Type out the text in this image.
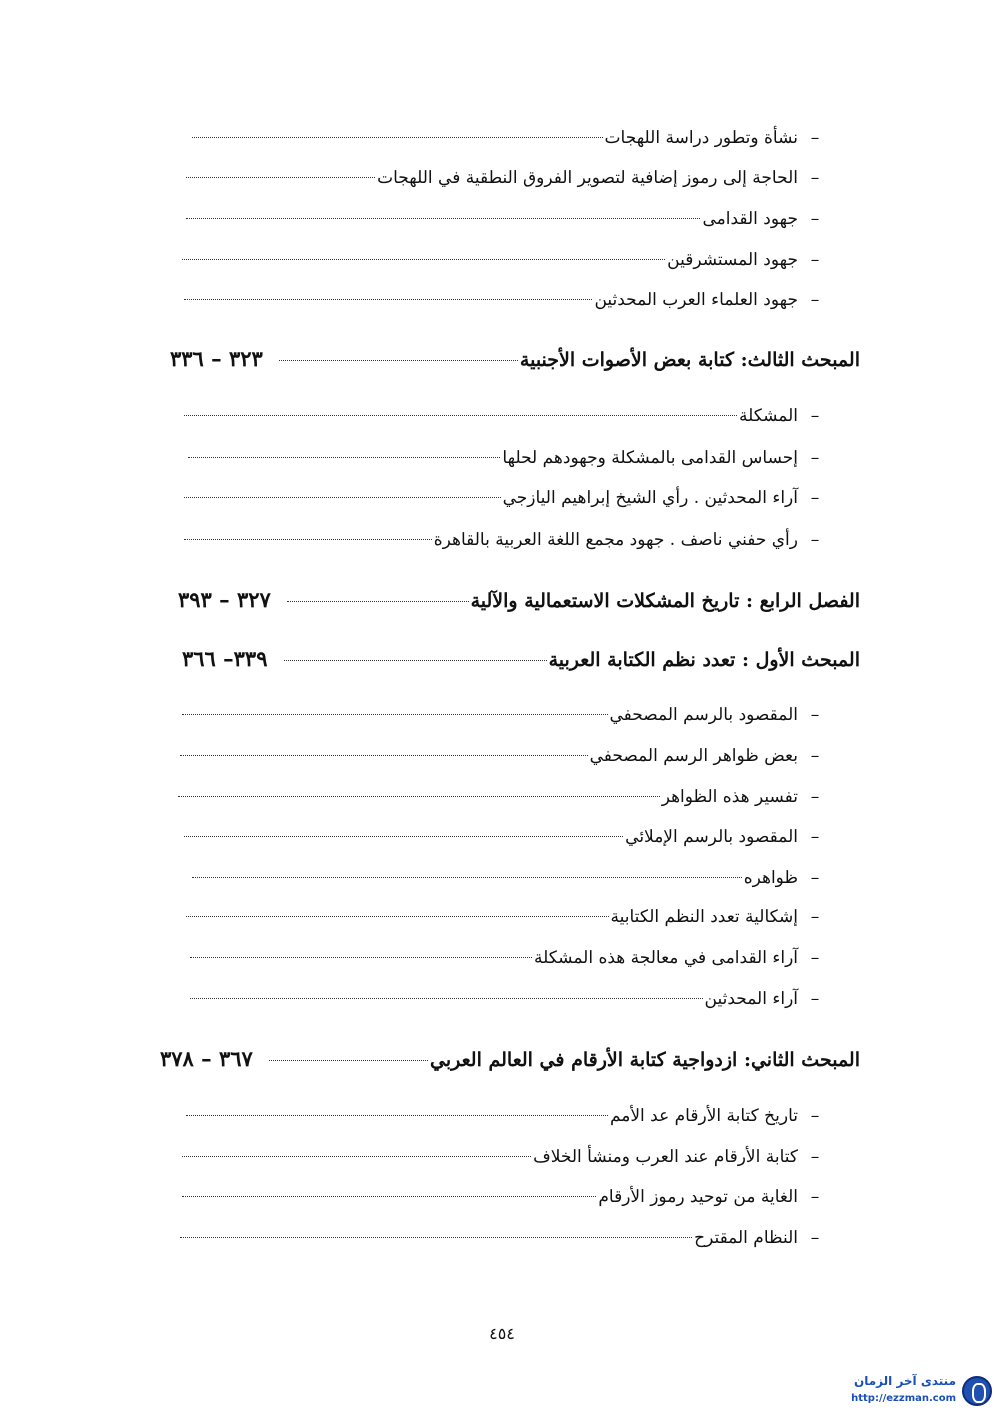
–
نشأة وتطور دراسة اللهجات
–
الحاجة إلى رموز إضافية لتصوير الفروق النطقية في اللهجات
–
جهود القدامى
–
جهود المستشرقين
–
جهود العلماء العرب المحدثين
المبحث الثالث: كتابة بعض الأصوات الأجنبية
٣٢٣ – ٣٣٦
–
المشكلة
–
إحساس القدامى بالمشكلة وجهودهم لحلها
–
آراء المحدثين . رأي الشيخ إبراهيم اليازجي
–
رأي حفني ناصف . جهود مجمع اللغة العربية بالقاهرة
الفصل الرابع : تاريخ المشكلات الاستعمالية والآلية
٣٢٧ – ٣٩٣
المبحث الأول : تعدد نظم الكتابة العربية
٣٣٩– ٣٦٦
–
المقصود بالرسم المصحفي
–
بعض ظواهر الرسم المصحفي
–
تفسير هذه الظواهر
–
المقصود بالرسم الإملائي
–
ظواهره
–
إشكالية تعدد النظم الكتابية
–
آراء القدامى في معالجة هذه المشكلة
–
آراء المحدثين
المبحث الثاني: ازدواجية كتابة الأرقام في العالم العربي
٣٦٧ – ٣٧٨
–
تاريخ كتابة الأرقام عد الأمم
–
كتابة الأرقام عند العرب ومنشأ الخلاف
–
الغاية من توحيد رموز الأرقام
–
النظام المقترح
٤٥٤
منتدى آخر الزمان
http://ezzman.com
